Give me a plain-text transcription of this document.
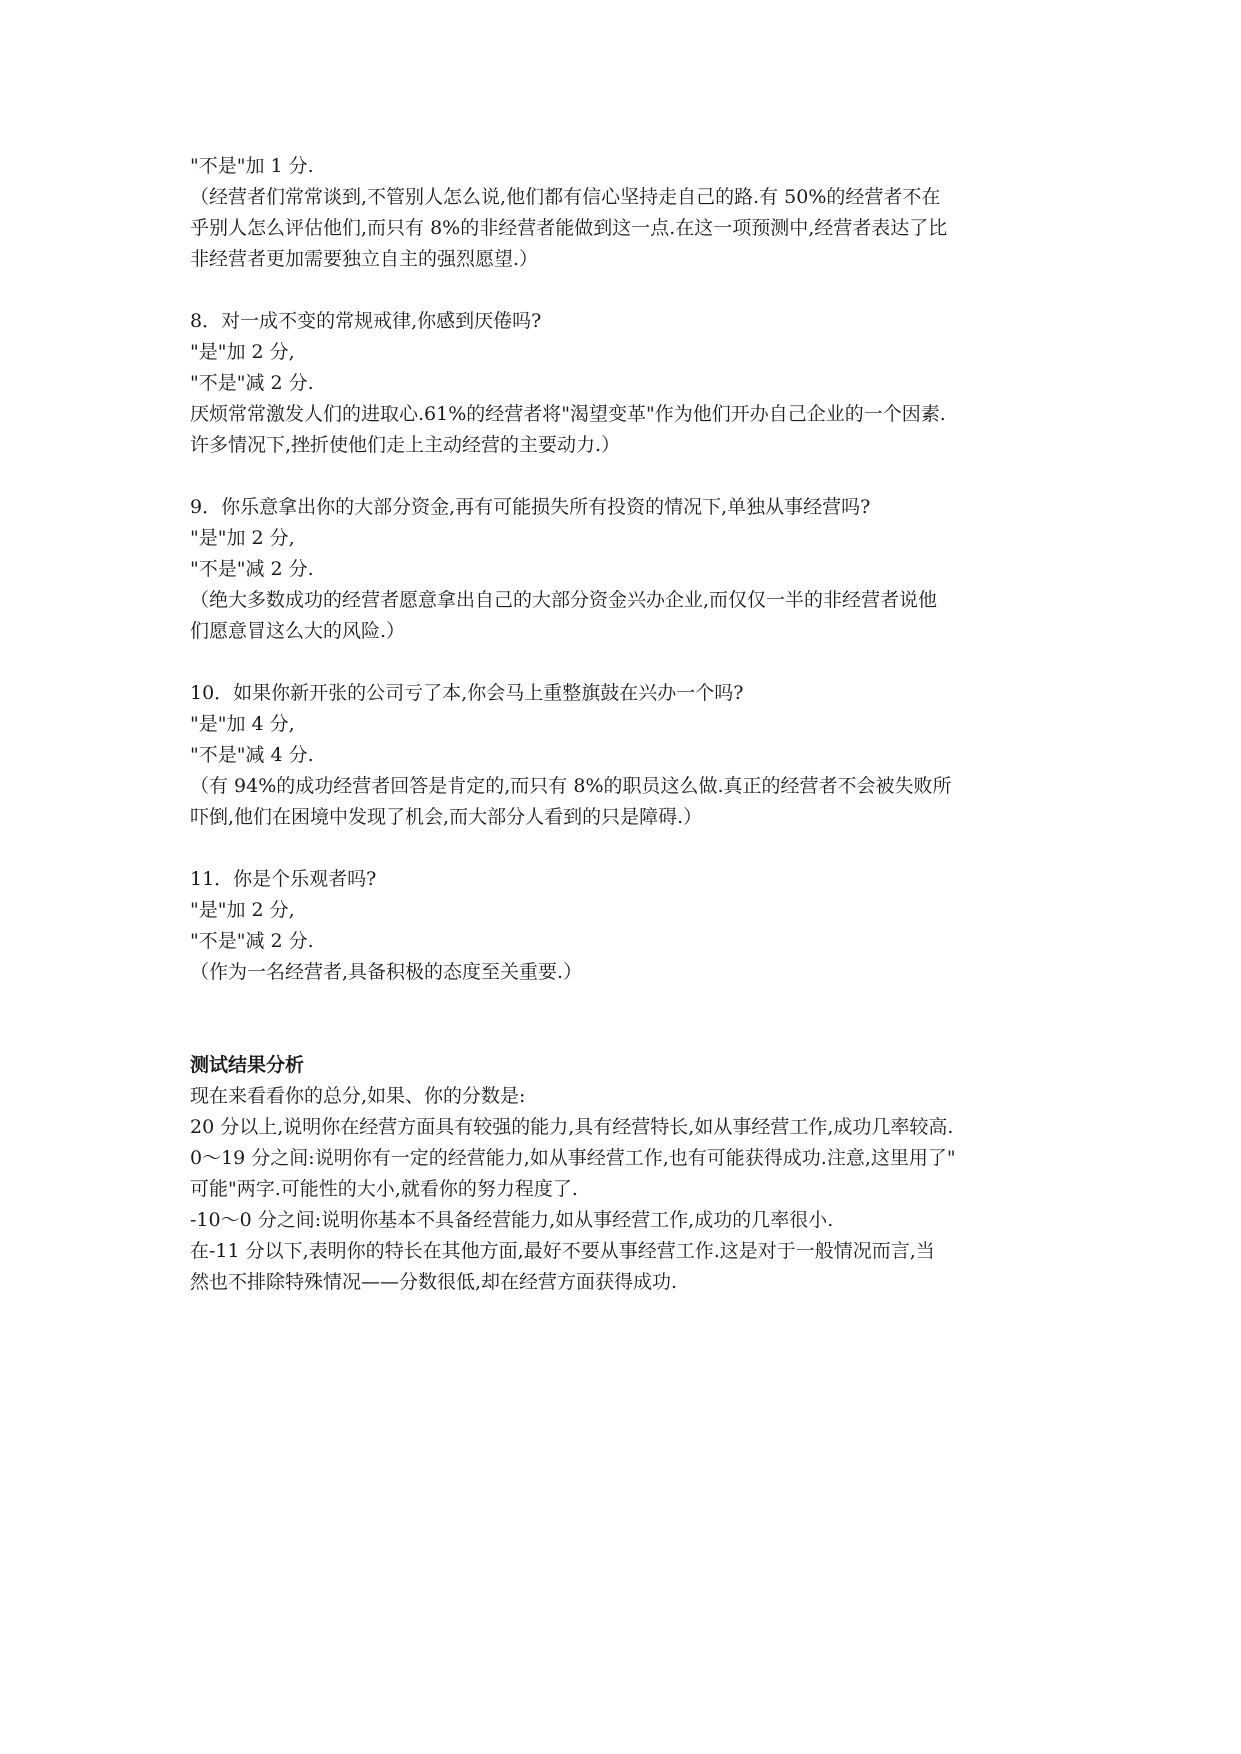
"不是"加 1 分.

（经营者们常常谈到,不管别人怎么说,他们都有信心坚持走自己的路.有 50%的经营者不在

乎别人怎么评估他们,而只有 8%的非经营者能做到这一点.在这一项预测中,经营者表达了比

非经营者更加需要独立自主的强烈愿望.）

8．对一成不变的常规戒律,你感到厌倦吗?

"是"加 2 分,

"不是"减 2 分.

厌烦常常激发人们的进取心.61%的经营者将"渴望变革"作为他们开办自己企业的一个因素.

许多情况下,挫折使他们走上主动经营的主要动力.）

9．你乐意拿出你的大部分资金,再有可能损失所有投资的情况下,单独从事经营吗?

"是"加 2 分,

"不是"减 2 分.

（绝大多数成功的经营者愿意拿出自己的大部分资金兴办企业,而仅仅一半的非经营者说他

们愿意冒这么大的风险.）

10．如果你新开张的公司亏了本,你会马上重整旗鼓在兴办一个吗?

"是"加 4 分,

"不是"减 4 分.

（有 94%的成功经营者回答是肯定的,而只有 8%的职员这么做.真正的经营者不会被失败所

吓倒,他们在困境中发现了机会,而大部分人看到的只是障碍.）

11．你是个乐观者吗?

"是"加 2 分,

"不是"减 2 分.

（作为一名经营者,具备积极的态度至关重要.）

测试结果分析

现在来看看你的总分,如果、你的分数是:

20 分以上,说明你在经营方面具有较强的能力,具有经营特长,如从事经营工作,成功几率较高.

0～19 分之间:说明你有一定的经营能力,如从事经营工作,也有可能获得成功.注意,这里用了"

可能"两字.可能性的大小,就看你的努力程度了.

-10～0 分之间:说明你基本不具备经营能力,如从事经营工作,成功的几率很小.

在-11 分以下,表明你的特长在其他方面,最好不要从事经营工作.这是对于一般情况而言,当

然也不排除特殊情况——分数很低,却在经营方面获得成功.
